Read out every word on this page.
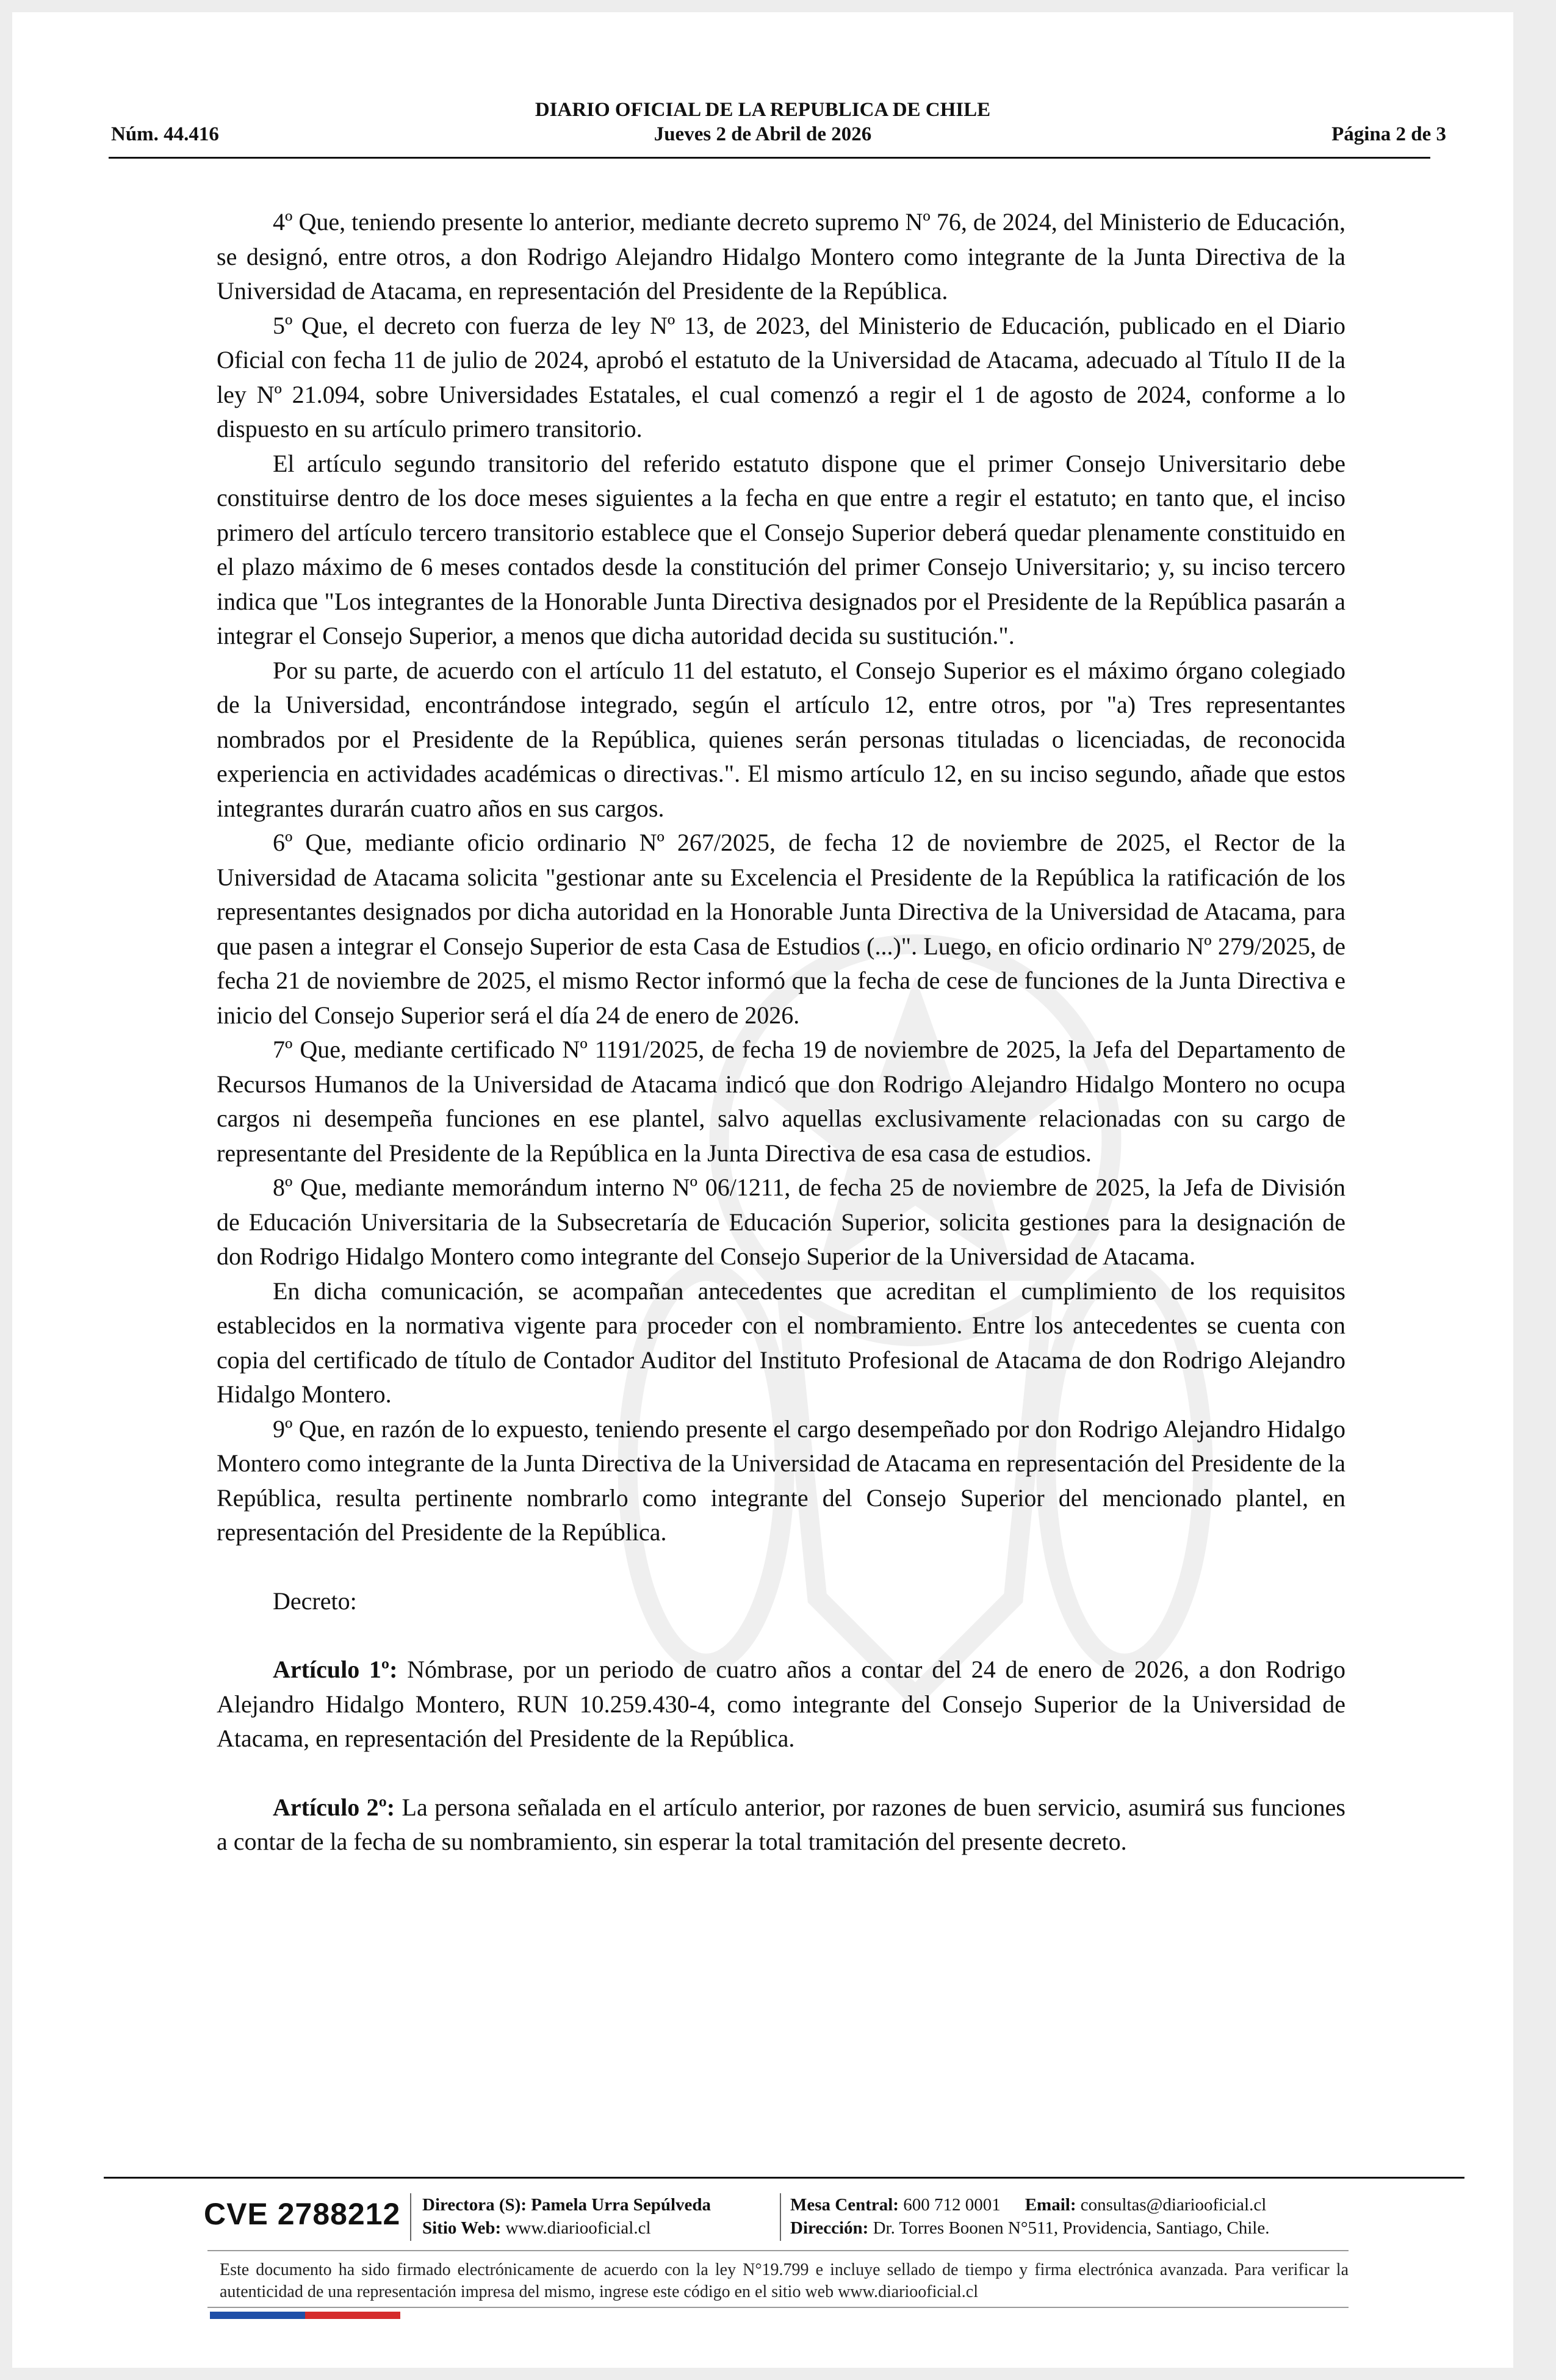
Núm. 44.416
DIARIO OFICIAL DE LA REPUBLICA DE CHILE
Jueves 2 de Abril de 2026	Página 2 de 3

4º Que, teniendo presente lo anterior, mediante decreto supremo Nº 76, de 2024, del Ministerio de Educación, se designó, entre otros, a don Rodrigo Alejandro Hidalgo Montero como integrante de la Junta Directiva de la Universidad de Atacama, en representación del Presidente de la República.

5º Que, el decreto con fuerza de ley Nº 13, de 2023, del Ministerio de Educación, publicado en el Diario Oficial con fecha 11 de julio de 2024, aprobó el estatuto de la Universidad de Atacama, adecuado al Título II de la ley Nº 21.094, sobre Universidades Estatales, el cual comenzó a regir el 1 de agosto de 2024, conforme a lo dispuesto en su artículo primero transitorio.

El artículo segundo transitorio del referido estatuto dispone que el primer Consejo Universitario debe constituirse dentro de los doce meses siguientes a la fecha en que entre a regir el estatuto; en tanto que, el inciso primero del artículo tercero transitorio establece que el Consejo Superior deberá quedar plenamente constituido en el plazo máximo de 6 meses contados desde la constitución del primer Consejo Universitario; y, su inciso tercero indica que "Los integrantes de la Honorable Junta Directiva designados por el Presidente de la República pasarán a integrar el Consejo Superior, a menos que dicha autoridad decida su sustitución.".

Por su parte, de acuerdo con el artículo 11 del estatuto, el Consejo Superior es el máximo órgano colegiado de la Universidad, encontrándose integrado, según el artículo 12, entre otros, por "a) Tres representantes nombrados por el Presidente de la República, quienes serán personas tituladas o licenciadas, de reconocida experiencia en actividades académicas o directivas.". El mismo artículo 12, en su inciso segundo, añade que estos integrantes durarán cuatro años en sus cargos.

6º Que, mediante oficio ordinario Nº 267/2025, de fecha 12 de noviembre de 2025, el Rector de la Universidad de Atacama solicita "gestionar ante su Excelencia el Presidente de la República la ratificación de los representantes designados por dicha autoridad en la Honorable Junta Directiva de la Universidad de Atacama, para que pasen a integrar el Consejo Superior de esta Casa de Estudios (...)". Luego, en oficio ordinario Nº 279/2025, de fecha 21 de noviembre de 2025, el mismo Rector informó que la fecha de cese de funciones de la Junta Directiva e inicio del Consejo Superior será el día 24 de enero de 2026.

7º Que, mediante certificado Nº 1191/2025, de fecha 19 de noviembre de 2025, la Jefa del Departamento de Recursos Humanos de la Universidad de Atacama indicó que don Rodrigo Alejandro Hidalgo Montero no ocupa cargos ni desempeña funciones en ese plantel, salvo aquellas exclusivamente relacionadas con su cargo de representante del Presidente de la República en la Junta Directiva de esa casa de estudios.

8º Que, mediante memorándum interno Nº 06/1211, de fecha 25 de noviembre de 2025, la Jefa de División de Educación Universitaria de la Subsecretaría de Educación Superior, solicita gestiones para la designación de don Rodrigo Hidalgo Montero como integrante del Consejo Superior de la Universidad de Atacama.

En dicha comunicación, se acompañan antecedentes que acreditan el cumplimiento de los requisitos establecidos en la normativa vigente para proceder con el nombramiento. Entre los antecedentes se cuenta con copia del certificado de título de Contador Auditor del Instituto Profesional de Atacama de don Rodrigo Alejandro Hidalgo Montero.

9º Que, en razón de lo expuesto, teniendo presente el cargo desempeñado por don Rodrigo Alejandro Hidalgo Montero como integrante de la Junta Directiva de la Universidad de Atacama en representación del Presidente de la República, resulta pertinente nombrarlo como integrante del Consejo Superior del mencionado plantel, en representación del Presidente de la República.

Decreto:

Artículo 1º: Nómbrase, por un periodo de cuatro años a contar del 24 de enero de 2026, a don Rodrigo Alejandro Hidalgo Montero, RUN 10.259.430-4, como integrante del Consejo Superior de la Universidad de Atacama, en representación del Presidente de la República.

Artículo 2º: La persona señalada en el artículo anterior, por razones de buen servicio, asumirá sus funciones a contar de la fecha de su nombramiento, sin esperar la total tramitación del presente decreto.

CVE 2788212 Directora (S): Pamela Urra Sepúlveda
Sitio Web: www.diariooficial.cl
Mesa Central: 600 712 0001 Email: consultas@diariooficial.cl
Dirección: Dr. Torres Boonen N°511, Providencia, Santiago, Chile.
Este documento ha sido firmado electrónicamente de acuerdo con la ley N°19.799 e incluye sellado de tiempo y firma electrónica avanzada. Para verificar la autenticidad de una representación impresa del mismo, ingrese este código en el sitio web www.diariooficial.cl
